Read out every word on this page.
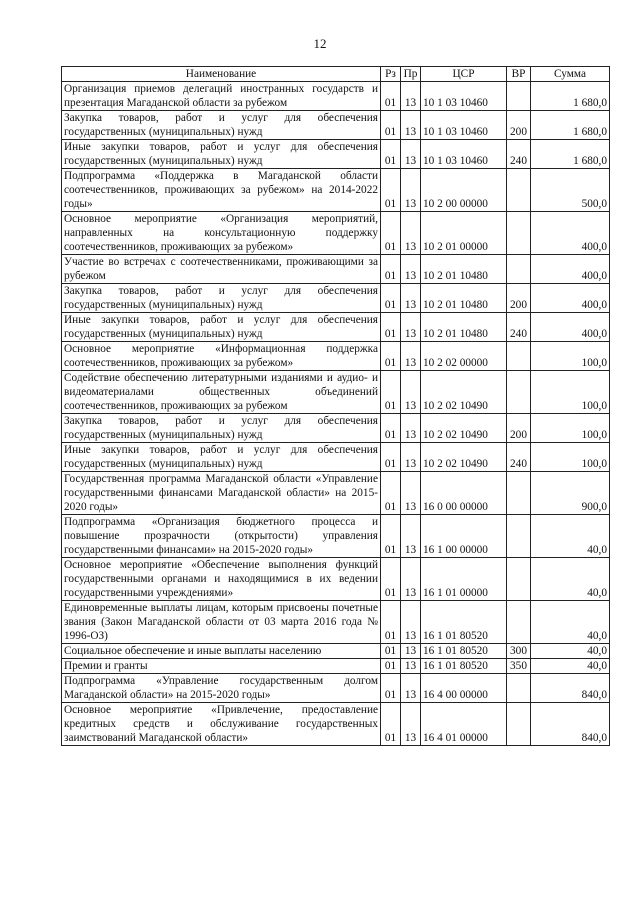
12
Наименование	Рз	Пр	ЦСР	ВР	Сумма
Организация приемов делегаций иностранных государств и презентация Магаданской области за рубежом	01	13	10 1 03 10460		1 680,0
Закупка товаров, работ и услуг для обеспечения государственных (муниципальных) нужд	01	13	10 1 03 10460	200	1 680,0
Иные закупки товаров, работ и услуг для обеспечения государственных (муниципальных) нужд	01	13	10 1 03 10460	240	1 680,0
Подпрограмма «Поддержка в Магаданской области соотечественников, проживающих за рубежом» на 2014-2022 годы»	01	13	10 2 00 00000		500,0
Основное мероприятие «Организация мероприятий, направленных на консультационную поддержку соотечественников, проживающих за рубежом»	01	13	10 2 01 00000		400,0
Участие во встречах с соотечественниками, проживающими за рубежом	01	13	10 2 01 10480		400,0
Закупка товаров, работ и услуг для обеспечения государственных (муниципальных) нужд	01	13	10 2 01 10480	200	400,0
Иные закупки товаров, работ и услуг для обеспечения государственных (муниципальных) нужд	01	13	10 2 01 10480	240	400,0
Основное мероприятие «Информационная поддержка соотечественников, проживающих за рубежом»	01	13	10 2 02 00000		100,0
Содействие обеспечению литературными изданиями и аудио- и видеоматериалами общественных объединений соотечественников, проживающих за рубежом	01	13	10 2 02 10490		100,0
Закупка товаров, работ и услуг для обеспечения государственных (муниципальных) нужд	01	13	10 2 02 10490	200	100,0
Иные закупки товаров, работ и услуг для обеспечения государственных (муниципальных) нужд	01	13	10 2 02 10490	240	100,0
Государственная программа Магаданской области «Управление государственными финансами Магаданской области» на 2015-2020 годы»	01	13	16 0 00 00000		900,0
Подпрограмма «Организация бюджетного процесса и повышение прозрачности (открытости) управления государственными финансами» на 2015-2020 годы»	01	13	16 1 00 00000		40,0
Основное мероприятие «Обеспечение выполнения функций государственными органами и находящимися в их ведении государственными учреждениями»	01	13	16 1 01 00000		40,0
Единовременные выплаты лицам, которым присвоены почетные звания (Закон Магаданской области от 03 марта 2016 года № 1996-ОЗ)	01	13	16 1 01 80520		40,0
Социальное обеспечение и иные выплаты населению	01	13	16 1 01 80520	300	40,0
Премии и гранты	01	13	16 1 01 80520	350	40,0
Подпрограмма «Управление государственным долгом Магаданской области» на 2015-2020 годы»	01	13	16 4 00 00000		840,0
Основное мероприятие «Привлечение, предоставление кредитных средств и обслуживание государственных заимствований Магаданской области»	01	13	16 4 01 00000		840,0
